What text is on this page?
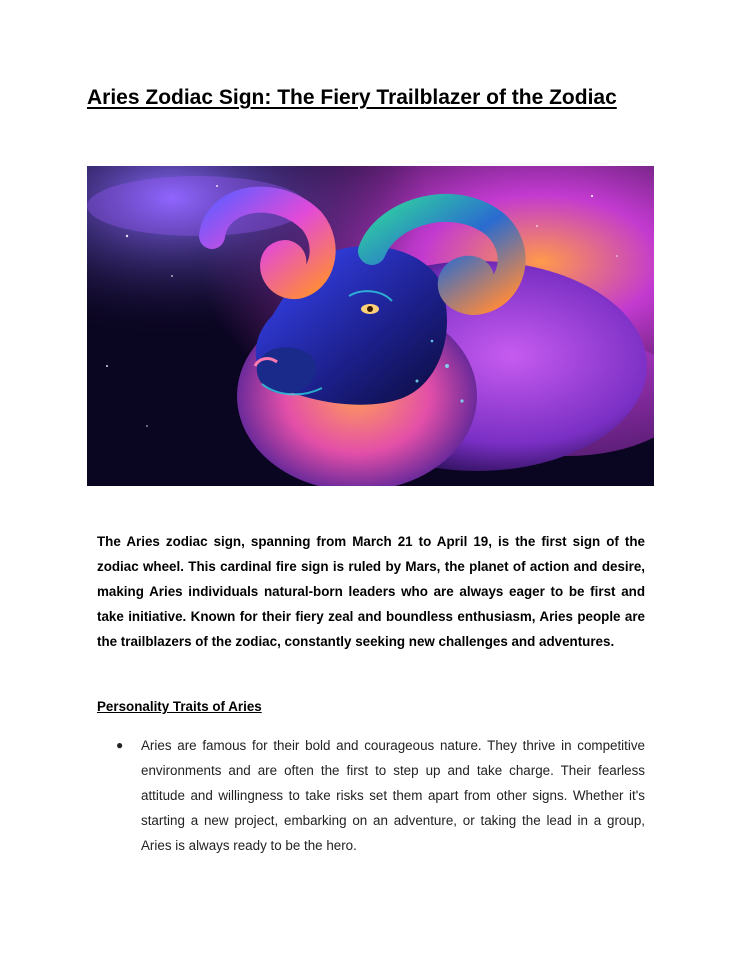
Aries Zodiac Sign: The Fiery Trailblazer of the Zodiac

The Aries zodiac sign, spanning from March 21 to April 19, is the first sign of the zodiac wheel. This cardinal fire sign is ruled by Mars, the planet of action and desire, making Aries individuals natural-born leaders who are always eager to be first and take initiative. Known for their fiery zeal and boundless enthusiasm, Aries people are the trailblazers of the zodiac, constantly seeking new challenges and adventures.

Personality Traits of Aries
● Aries are famous for their bold and courageous nature. They thrive in competitive environments and are often the first to step up and take charge. Their fearless attitude and willingness to take risks set them apart from other signs. Whether it's starting a new project, embarking on an adventure, or taking the lead in a group, Aries is always ready to be the hero.
